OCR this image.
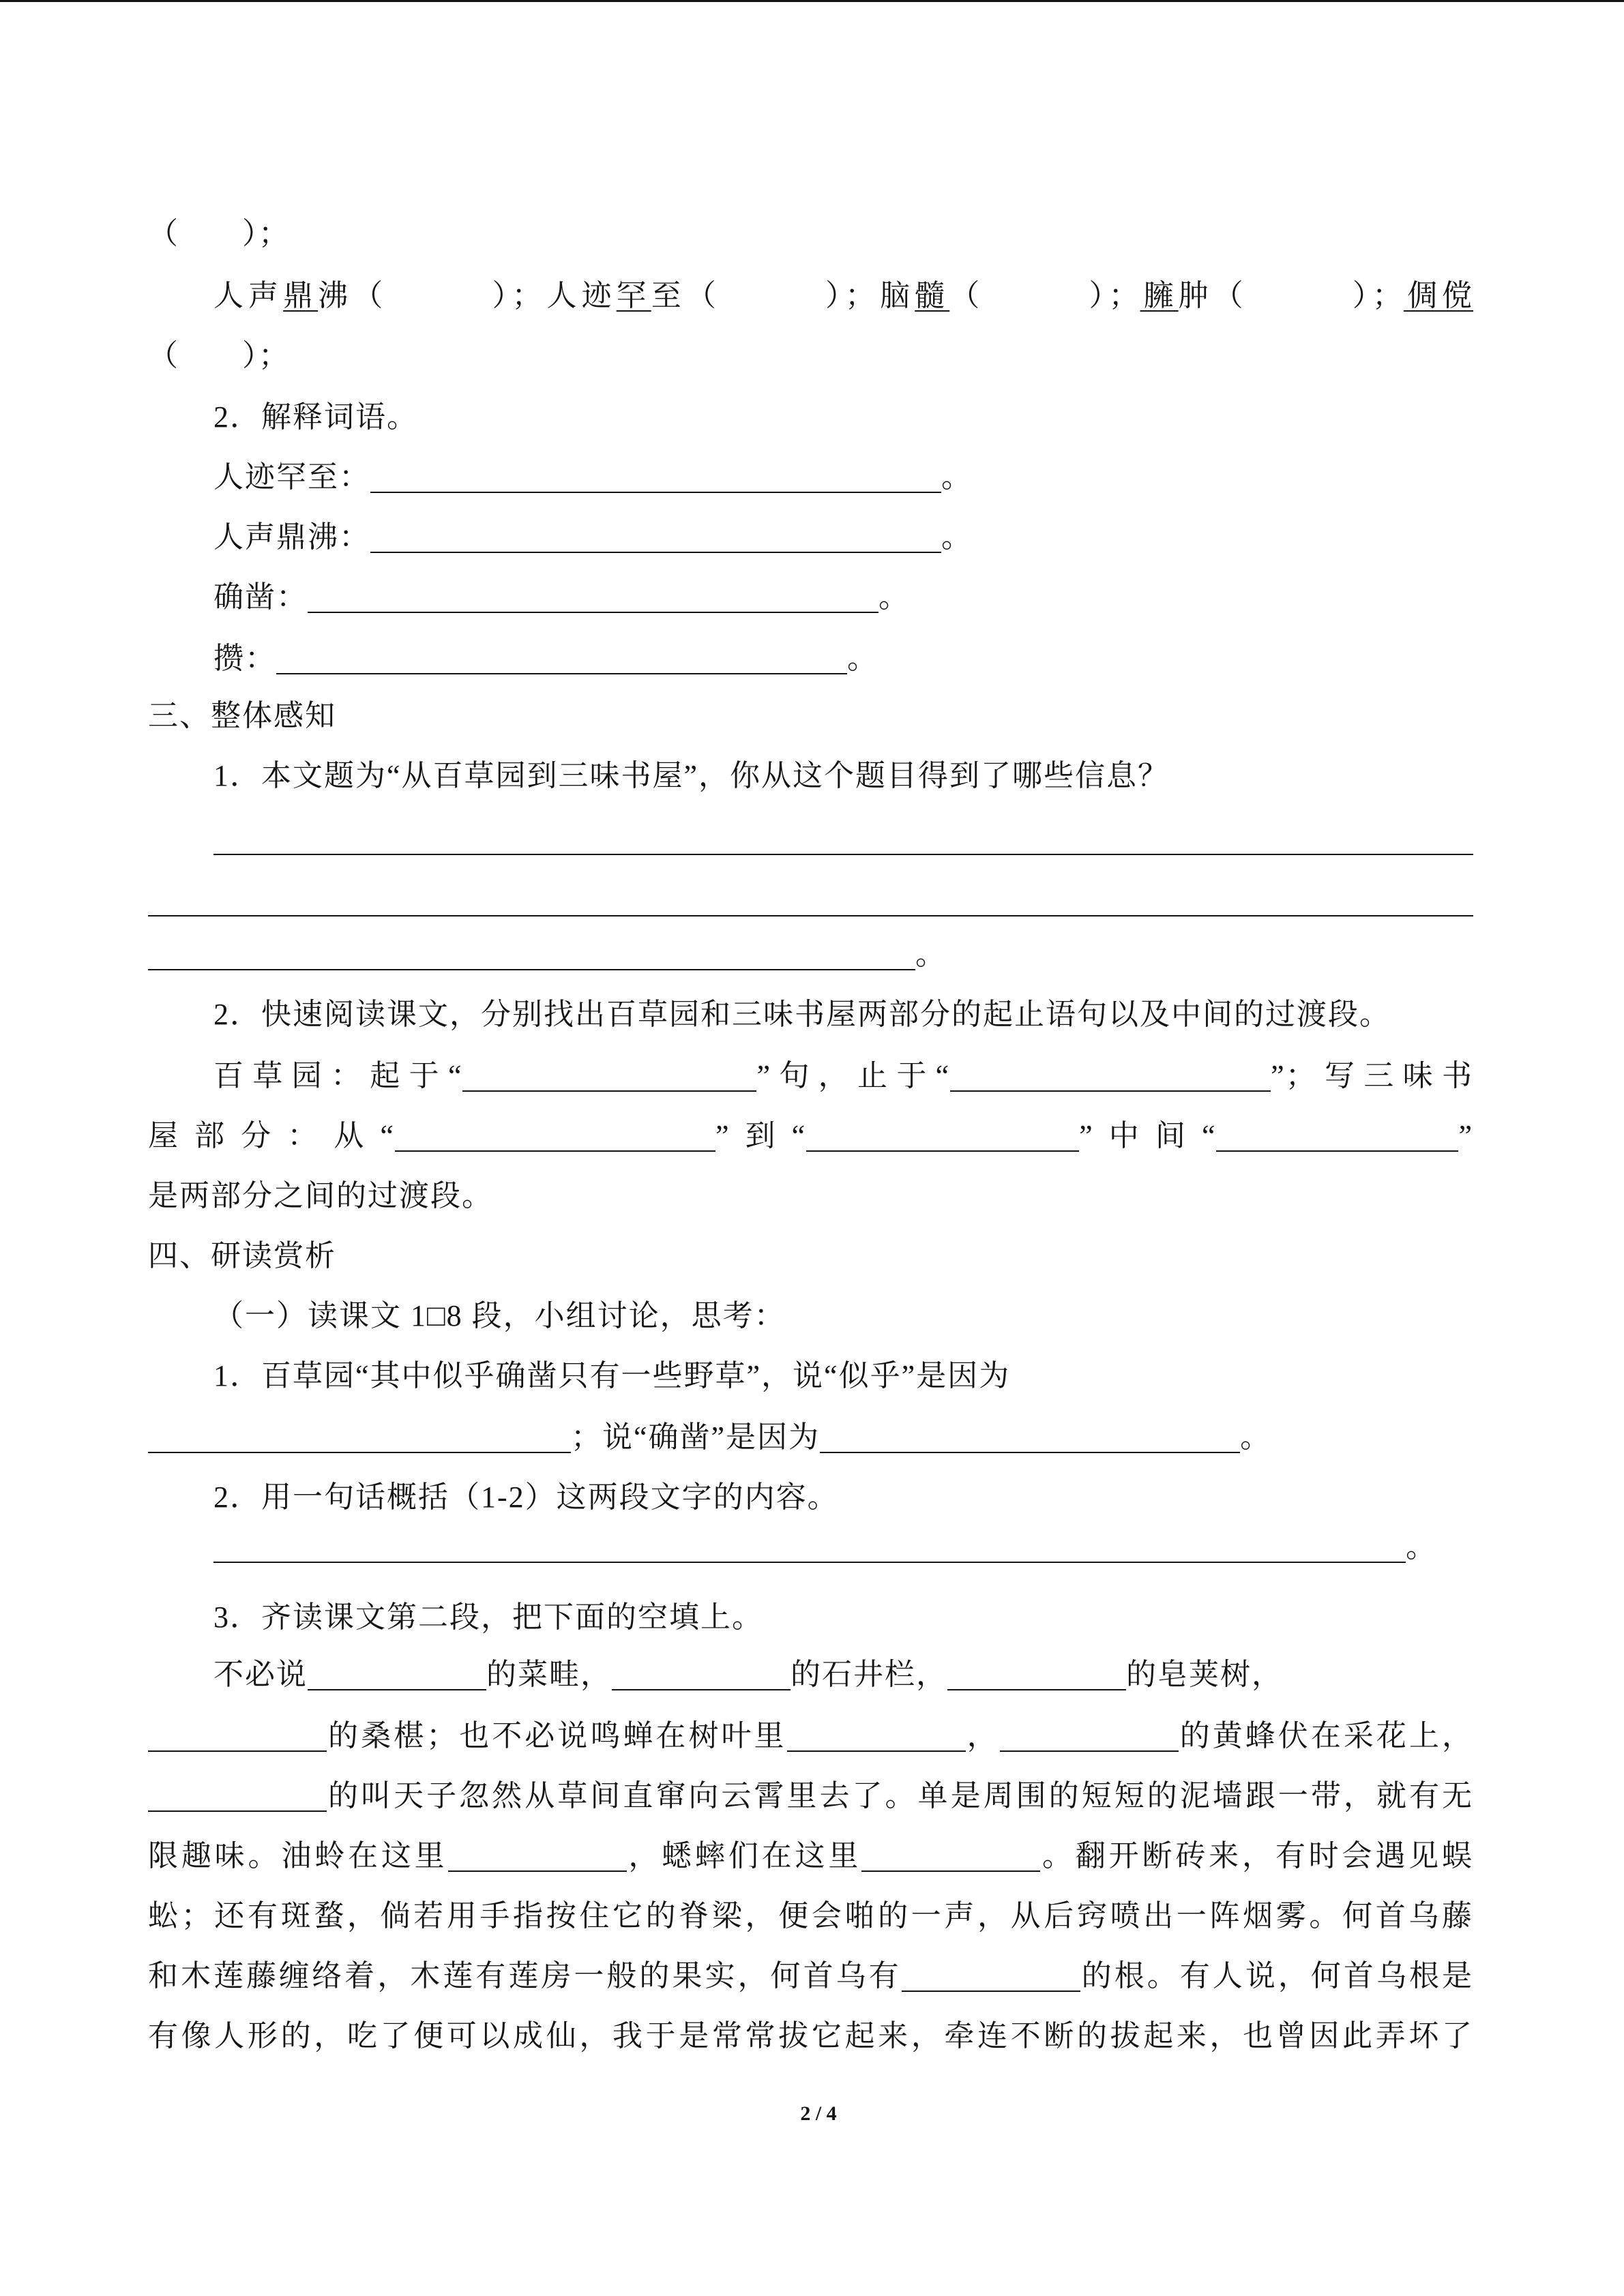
（　　）；
人声鼎沸（　　　）；人迹罕至（　　　）；脑髓（　　　）；臃肿（　　　）；倜傥
（　　）；
2．解释词语。
人迹罕至：	。
人声鼎沸：	。
确凿：	。
攒：	。
三、整体感知
1．本文题为“从百草园到三味书屋”，你从这个题目得到了哪些信息？
。
2．快速阅读课文，分别找出百草园和三味书屋两部分的起止语句以及中间的过渡段。
百草园：起于“	”句，止于“	”；写三味书
屋部分：从“	”到“	”中间“	”
是两部分之间的过渡段。
四、研读赏析
（一）读课文 1□8 段，小组讨论，思考：
1．百草园“其中似乎确凿只有一些野草”，说“似乎”是因为
；说“确凿”是因为	。
2．用一句话概括（1-2）这两段文字的内容。
。
3．齐读课文第二段，把下面的空填上。
不必说	的菜畦，	的石井栏，	的皂荚树，
的桑椹；也不必说鸣蝉在树叶里	，	的黄蜂伏在采花上，
的叫天子忽然从草间直窜向云霄里去了。单是周围的短短的泥墙跟一带，就有无
限趣味。油蛉在这里	，蟋蟀们在这里	。翻开断砖来，有时会遇见蜈
蚣；还有斑蝥，倘若用手指按住它的脊梁，便会啪的一声，从后窍喷出一阵烟雾。何首乌藤
和木莲藤缠络着，木莲有莲房一般的果实，何首乌有	的根。有人说，何首乌根是
有像人形的，吃了便可以成仙，我于是常常拔它起来，牵连不断的拔起来，也曾因此弄坏了
2 / 4
